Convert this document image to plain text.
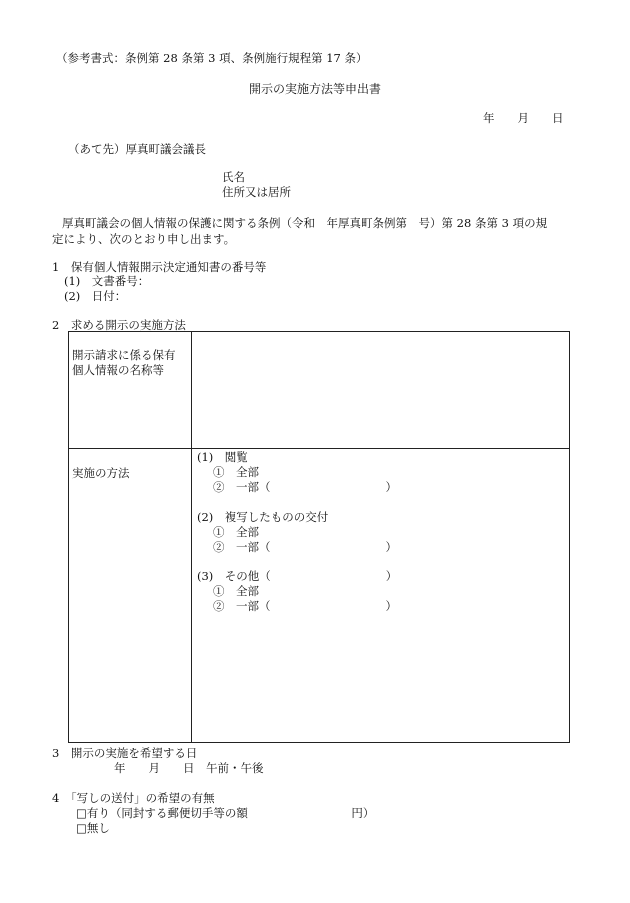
（参考書式：条例第 28 条第 3 項、条例施行規程第 17 条）
開示の実施方法等申出書
年　　月　　日
（あて先）厚真町議会議長
氏名
住所又は居所
厚真町議会の個人情報の保護に関する条例（令和　年厚真町条例第　号）第 28 条第 3 項の規
定により、次のとおり申し出ます。
1　保有個人情報開示決定通知書の番号等
(1)　文書番号：
(2)　日付：
2　求める開示の実施方法
開示請求に係る保有
個人情報の名称等
実施の方法
(1)　閲覧
①　全部
②　一部（　　　　　　　　　　）
(2)　複写したものの交付
①　全部
②　一部（　　　　　　　　　　）
(3)　その他（　　　　　　　　　　）
①　全部
②　一部（　　　　　　　　　　）
3　開示の実施を希望する日
年　　月　　日　午前・午後
4　「写しの送付」の希望の有無
□有り（同封する郵便切手等の額　　　　　　　　　円）
□無し
